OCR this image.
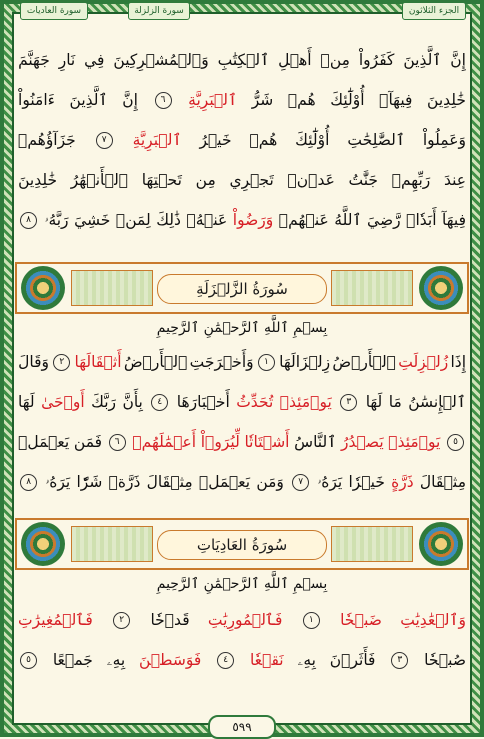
سورة العاديات	سورة الزلزلة	الجزء الثلاثون
إِنَّ
ٱلَّذِينَ
كَفَرُواْ
مِنۡ
أَهۡلِ
ٱلۡكِتَٰبِ
وَٱلۡمُشۡرِكِينَ
فِي
نَارِ
جَهَنَّمَ
خَٰلِدِينَ
فِيهَآۚ
أُوْلَٰٓئِكَ
هُمۡ
شَرُّ
ٱلۡبَرِيَّةِ
٦
إِنَّ
ٱلَّذِينَ
ءَامَنُواْ
وَعَمِلُواْ
ٱلصَّٰلِحَٰتِ
أُوْلَٰٓئِكَ
هُمۡ
خَيۡرُ
ٱلۡبَرِيَّةِ
٧
جَزَآؤُهُمۡ
عِندَ
رَبِّهِمۡ
جَنَّٰتُ
عَدۡنٖ
تَجۡرِي
مِن
تَحۡتِهَا
ٱلۡأَنۡهَٰرُ
خَٰلِدِينَ
فِيهَآ
أَبَدٗاۖ
رَّضِيَ
ٱللَّهُ
عَنۡهُمۡ
وَرَضُواْ
عَنۡهُۚ
ذَٰلِكَ
لِمَنۡ
خَشِيَ
رَبَّهُۥ
٨
سُورَةُ الزَّلۡزَلَةِ
بِسۡمِ ٱللَّهِ ٱلرَّحۡمَٰنِ ٱلرَّحِيمِ
إِذَا
زُلۡزِلَتِ
ٱلۡأَرۡضُ
زِلۡزَالَهَا
١
وَأَخۡرَجَتِ
ٱلۡأَرۡضُ
أَثۡقَالَهَا
٢
وَقَالَ
ٱلۡإِنسَٰنُ
مَا
لَهَا
٣
يَوۡمَئِذٖ
تُحَدِّثُ
أَخۡبَارَهَا
٤
بِأَنَّ
رَبَّكَ
أَوۡحَىٰ
لَهَا
٥
يَوۡمَئِذٖ
يَصۡدُرُ
ٱلنَّاسُ
أَشۡتَاتٗا
لِّيُرَوۡاْ
أَعۡمَٰلَهُمۡ
٦
فَمَن
يَعۡمَلۡ
مِثۡقَالَ
ذَرَّةٍ
خَيۡرٗا
يَرَهُۥ
٧
وَمَن
يَعۡمَلۡ
مِثۡقَالَ
ذَرَّةٖ
شَرّٗا
يَرَهُۥ
٨
سُورَةُ العَادِيَاتِ
بِسۡمِ ٱللَّهِ ٱلرَّحۡمَٰنِ ٱلرَّحِيمِ
وَٱلۡعَٰدِيَٰتِ
ضَبۡحٗا
١
فَٱلۡمُورِيَٰتِ
قَدۡحٗا
٢
فَٱلۡمُغِيرَٰتِ
صُبۡحٗا
٣
فَأَثَرۡنَ
بِهِۦ
نَقۡعٗا
٤
فَوَسَطۡنَ
بِهِۦ
جَمۡعًا
٥
٥٩٩
